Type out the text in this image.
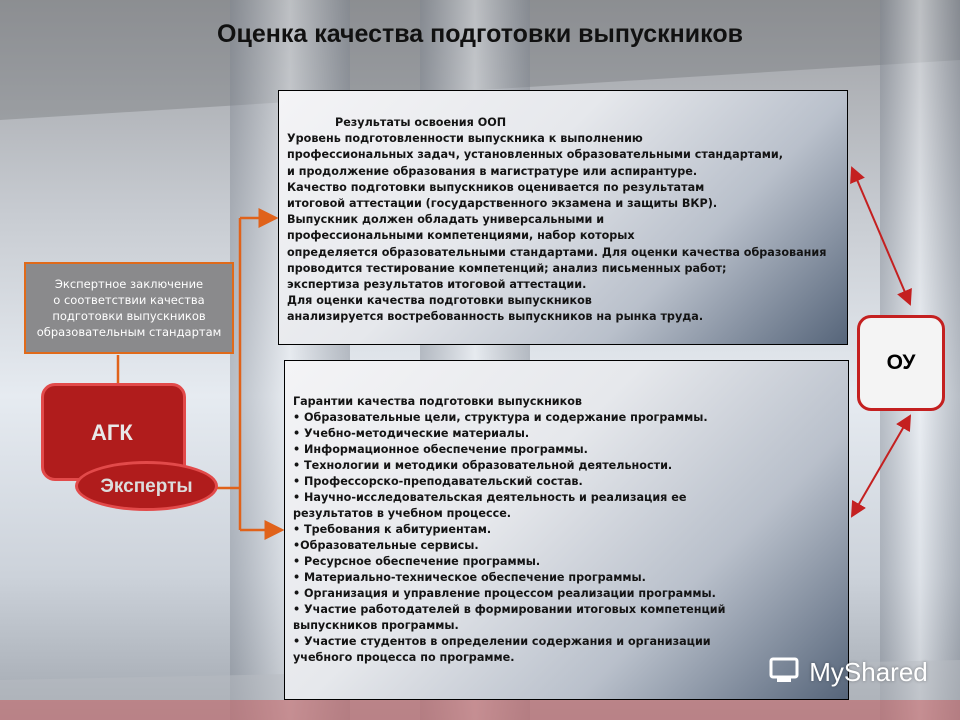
Оценка качества подготовки выпускников
Результаты освоения ООП
Уровень подготовленности выпускника к выполнению
профессиональных задач, установленных образовательными стандартами,
и продолжение образования в магистратуре или аспирантуре.
Качество подготовки выпускников оценивается по результатам
итоговой аттестации (государственного экзамена и защиты ВКР).
Выпускник должен обладать универсальными и
профессиональными компетенциями, набор которых
определяется образовательными стандартами. Для оценки качества образования
проводится тестирование компетенций; анализ письменных работ;
экспертиза результатов итоговой аттестации.
Для оценки качества подготовки выпускников
анализируется востребованность выпускников на рынка труда.
Гарантии качества подготовки выпускников
• Образовательные цели, структура и содержание программы.
• Учебно-методические материалы.
• Информационное обеспечение программы.
• Технологии и методики образовательной деятельности.
• Профессорско-преподавательский состав.
• Научно-исследовательская деятельность и реализация ее
результатов в учебном процессе.
• Требования к абитуриентам.
•Образовательные сервисы.
• Ресурсное обеспечение программы.
• Материально-техническое обеспечение программы.
• Организация и управление процессом реализации программы.
• Участие работодателей в формировании итоговых компетенций
выпускников программы.
• Участие студентов в определении содержания и организации
учебного процесса по программе.
Экспертное заключение
о соответствии качества
подготовки выпускников
образовательным стандартам
АГК
Эксперты
ОУ
MyShared
